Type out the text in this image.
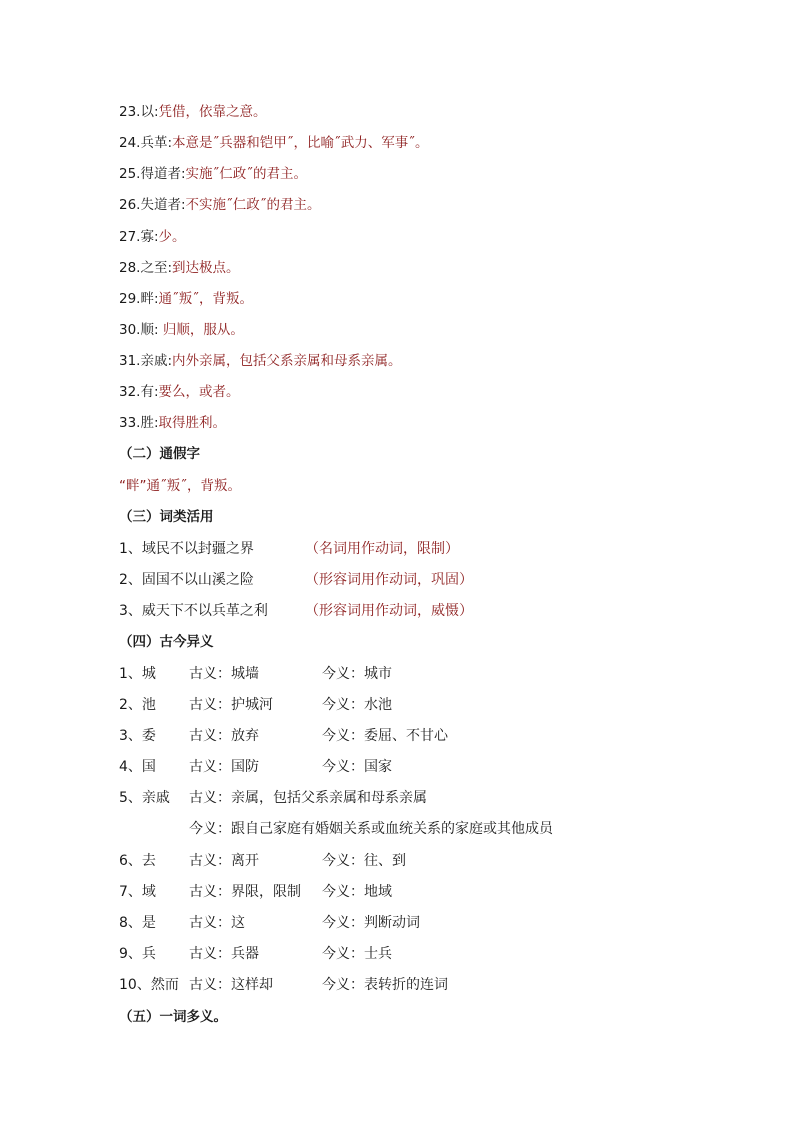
23.以:凭借，依靠之意。
24.兵革:本意是˝兵器和铠甲˝，比喻˝武力、军事˝。
25.得道者:实施˝仁政˝的君主。
26.失道者:不实施˝仁政˝的君主。
27.寡:少。
28.之至:到达极点。
29.畔:通˝叛˝，背叛。
30.顺: 归顺，服从。
31.亲戚:内外亲属，包括父系亲属和母系亲属。
32.有:要么，或者。
33.胜:取得胜利。
（二）通假字
“畔”通˝叛˝，背叛。
（三）词类活用
1、域民不以封疆之界	（名词用作动词，限制）
2、固国不以山溪之险	（形容词用作动词，巩固）
3、威天下不以兵革之利	（形容词用作动词，威慑）
（四）古今异义
1、城 古义：城墙	今义：城市
2、池 古义：护城河	今义：水池
3、委 古义：放弃	今义：委屈、不甘心
4、国 古义：国防	今义：国家
5、亲戚 古义：亲属，包括父系亲属和母系亲属
今义：跟自己家庭有婚姻关系或血统关系的家庭或其他成员
6、去 古义：离开	今义：往、到
7、域 古义：界限，限制 今义：地域
8、是 古义：这	今义：判断动词
9、兵 古义：兵器	今义：士兵
10、然而 古义：这样却	今义：表转折的连词
（五）一词多义。
